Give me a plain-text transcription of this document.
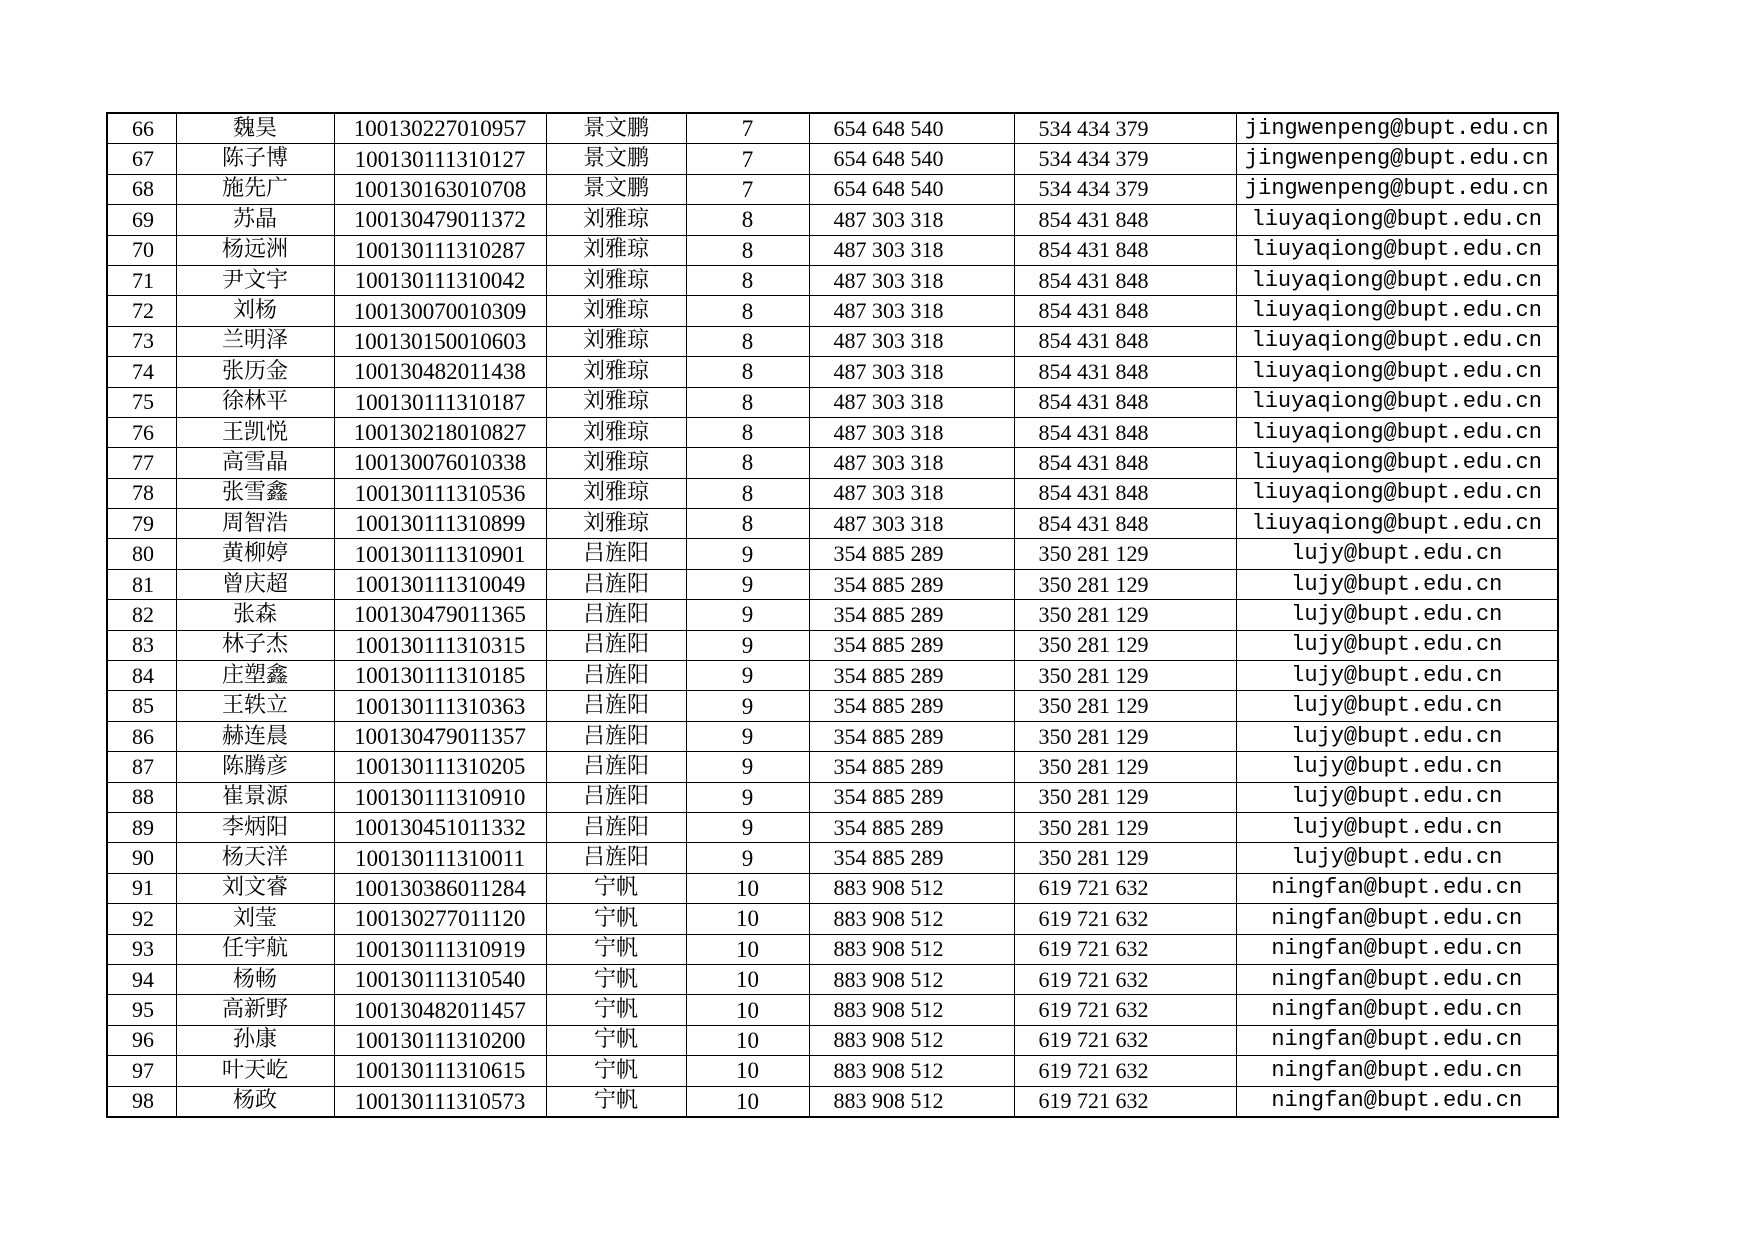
66	魏昊	100130227010957	景文鹏	7	654 648 540	534 434 379	jingwenpeng@bupt.edu.cn
67	陈子博	100130111310127	景文鹏	7	654 648 540	534 434 379	jingwenpeng@bupt.edu.cn
68	施先广	100130163010708	景文鹏	7	654 648 540	534 434 379	jingwenpeng@bupt.edu.cn
69	苏晶	100130479011372	刘雅琼	8	487 303 318	854 431 848	liuyaqiong@bupt.edu.cn
70	杨远洲	100130111310287	刘雅琼	8	487 303 318	854 431 848	liuyaqiong@bupt.edu.cn
71	尹文宇	100130111310042	刘雅琼	8	487 303 318	854 431 848	liuyaqiong@bupt.edu.cn
72	刘杨	100130070010309	刘雅琼	8	487 303 318	854 431 848	liuyaqiong@bupt.edu.cn
73	兰明泽	100130150010603	刘雅琼	8	487 303 318	854 431 848	liuyaqiong@bupt.edu.cn
74	张历金	100130482011438	刘雅琼	8	487 303 318	854 431 848	liuyaqiong@bupt.edu.cn
75	徐林平	100130111310187	刘雅琼	8	487 303 318	854 431 848	liuyaqiong@bupt.edu.cn
76	王凯悦	100130218010827	刘雅琼	8	487 303 318	854 431 848	liuyaqiong@bupt.edu.cn
77	高雪晶	100130076010338	刘雅琼	8	487 303 318	854 431 848	liuyaqiong@bupt.edu.cn
78	张雪鑫	100130111310536	刘雅琼	8	487 303 318	854 431 848	liuyaqiong@bupt.edu.cn
79	周智浩	100130111310899	刘雅琼	8	487 303 318	854 431 848	liuyaqiong@bupt.edu.cn
80	黄柳婷	100130111310901	吕旌阳	9	354 885 289	350 281 129	lujy@bupt.edu.cn
81	曾庆超	100130111310049	吕旌阳	9	354 885 289	350 281 129	lujy@bupt.edu.cn
82	张森	100130479011365	吕旌阳	9	354 885 289	350 281 129	lujy@bupt.edu.cn
83	林子杰	100130111310315	吕旌阳	9	354 885 289	350 281 129	lujy@bupt.edu.cn
84	庄塑鑫	100130111310185	吕旌阳	9	354 885 289	350 281 129	lujy@bupt.edu.cn
85	王轶立	100130111310363	吕旌阳	9	354 885 289	350 281 129	lujy@bupt.edu.cn
86	赫连晨	100130479011357	吕旌阳	9	354 885 289	350 281 129	lujy@bupt.edu.cn
87	陈腾彦	100130111310205	吕旌阳	9	354 885 289	350 281 129	lujy@bupt.edu.cn
88	崔景源	100130111310910	吕旌阳	9	354 885 289	350 281 129	lujy@bupt.edu.cn
89	李炳阳	100130451011332	吕旌阳	9	354 885 289	350 281 129	lujy@bupt.edu.cn
90	杨天洋	100130111310011	吕旌阳	9	354 885 289	350 281 129	lujy@bupt.edu.cn
91	刘文睿	100130386011284	宁帆	10	883 908 512	619 721 632	ningfan@bupt.edu.cn
92	刘莹	100130277011120	宁帆	10	883 908 512	619 721 632	ningfan@bupt.edu.cn
93	任宇航	100130111310919	宁帆	10	883 908 512	619 721 632	ningfan@bupt.edu.cn
94	杨畅	100130111310540	宁帆	10	883 908 512	619 721 632	ningfan@bupt.edu.cn
95	高新野	100130482011457	宁帆	10	883 908 512	619 721 632	ningfan@bupt.edu.cn
96	孙康	100130111310200	宁帆	10	883 908 512	619 721 632	ningfan@bupt.edu.cn
97	叶天屹	100130111310615	宁帆	10	883 908 512	619 721 632	ningfan@bupt.edu.cn
98	杨政	100130111310573	宁帆	10	883 908 512	619 721 632	ningfan@bupt.edu.cn
